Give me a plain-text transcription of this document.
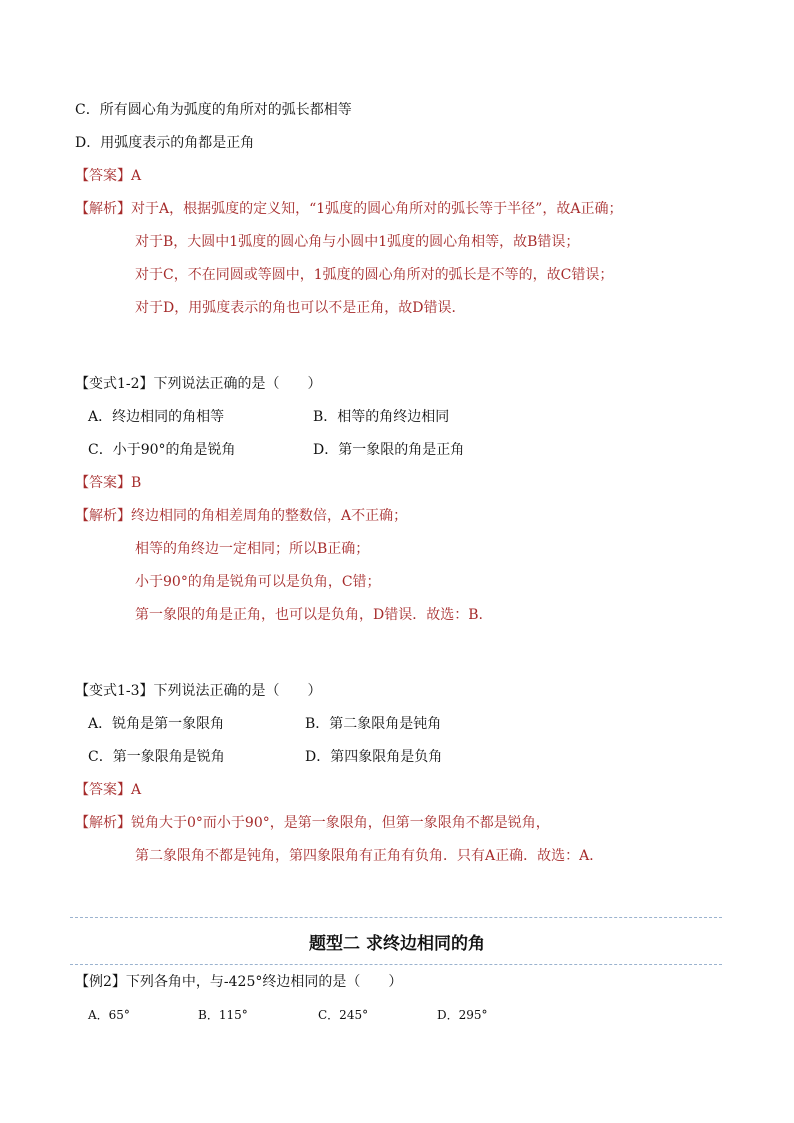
C．所有圆心角为弧度的角所对的弧长都相等
D．用弧度表示的角都是正角
【答案】A
【解析】对于A，根据弧度的定义知，“1弧度的圆心角所对的弧长等于半径”，故A正确；
对于B，大圆中1弧度的圆心角与小圆中1弧度的圆心角相等，故B错误；
对于C，不在同圆或等圆中，1弧度的圆心角所对的弧长是不等的，故C错误；
对于D，用弧度表示的角也可以不是正角，故D错误．
【变式1-2】下列说法正确的是（　　）
A．终边相同的角相等	B．相等的角终边相同
C．小于90°的角是锐角	D．第一象限的角是正角
【答案】B
【解析】终边相同的角相差周角的整数倍，A不正确；
相等的角终边一定相同；所以B正确；
小于90°的角是锐角可以是负角，C错；
第一象限的角是正角，也可以是负角，D错误．故选：B.
【变式1-3】下列说法正确的是（　　）
A．锐角是第一象限角	B．第二象限角是钝角
C．第一象限角是锐角	D．第四象限角是负角
【答案】A
【解析】锐角大于0°而小于90°，是第一象限角，但第一象限角不都是锐角，
第二象限角不都是钝角，第四象限角有正角有负角．只有A正确．故选：A．
题型二 求终边相同的角
【例2】下列各角中，与-425°终边相同的是（　　）
A．65°	B．115°	C．245°	D．295°
